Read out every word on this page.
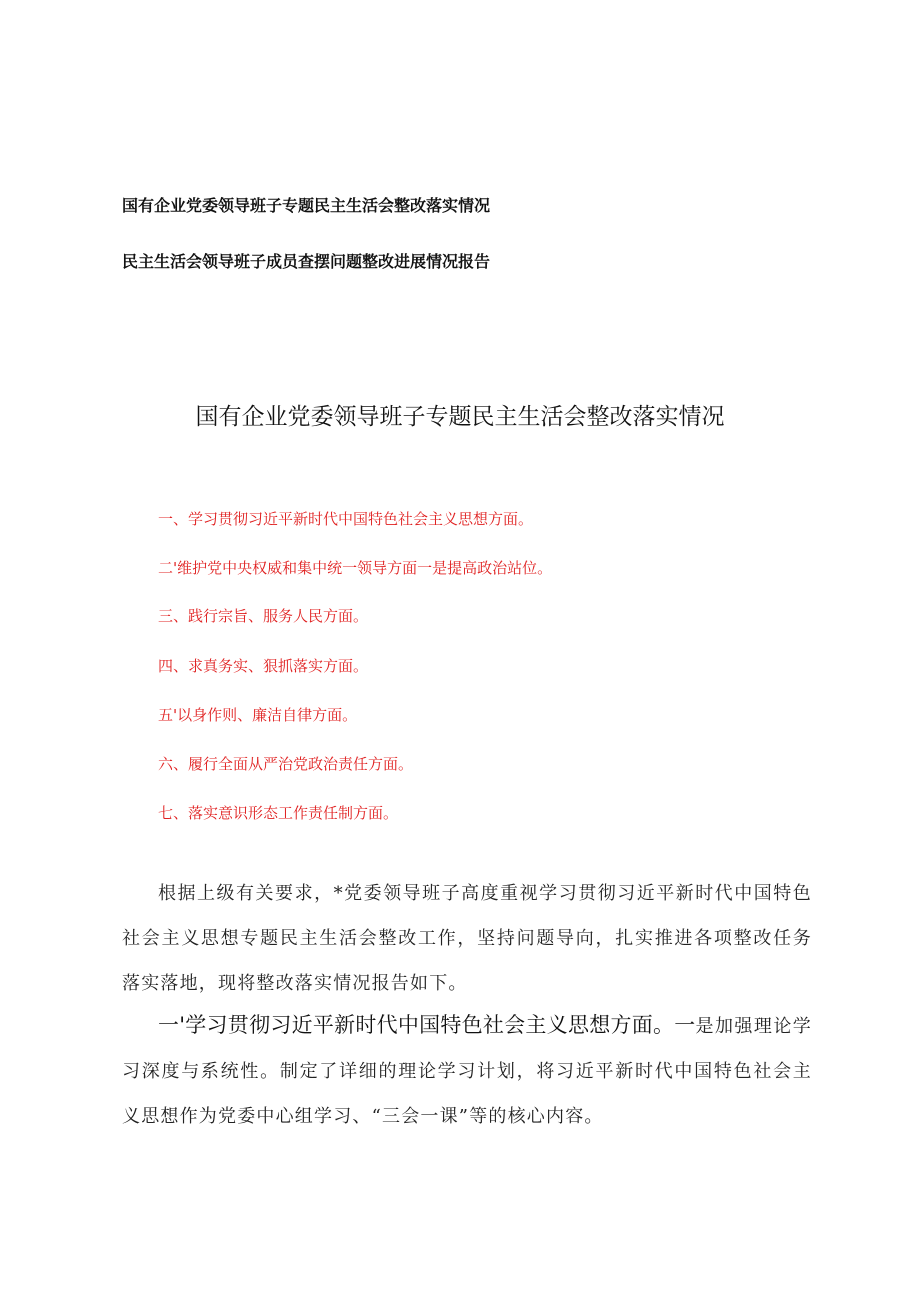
国有企业党委领导班子专题民主生活会整改落实情况
民主生活会领导班子成员查摆问题整改进展情况报告
国有企业党委领导班子专题民主生活会整改落实情况
一、学习贯彻习近平新时代中国特色社会主义思想方面。
二'维护党中央权威和集中统一领导方面一是提高政治站位。
三、践行宗旨、服务人民方面。
四、求真务实、狠抓落实方面。
五'以身作则、廉洁自律方面。
六、履行全面从严治党政治责任方面。
七、落实意识形态工作责任制方面。
根据上级有关要求，*党委领导班子高度重视学习贯彻习近平新时代中国特色社会主义思想专题民主生活会整改工作，坚持问题导向，扎实推进各项整改任务落实落地，现将整改落实情况报告如下。
一'学习贯彻习近平新时代中国特色社会主义思想方面。一是加强理论学习深度与系统性。制定了详细的理论学习计划，将习近平新时代中国特色社会主义思想作为党委中心组学习、“三会一课”等的核心内容。
